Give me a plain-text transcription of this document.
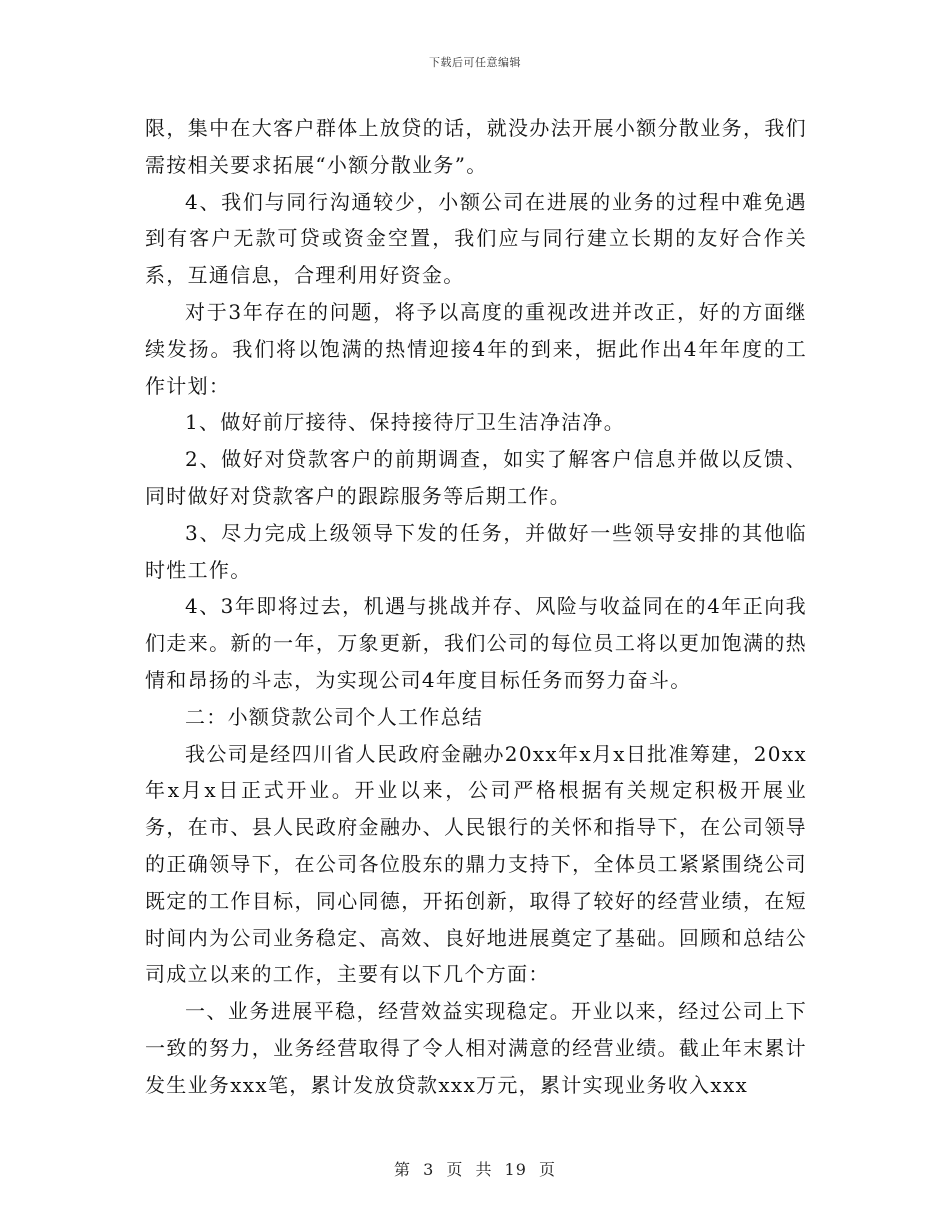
下载后可任意编辑

限，集中在大客户群体上放贷的话，就没办法开展小额分散业务，我们需按相关要求拓展“小额分散业务”。

4、我们与同行沟通较少，小额公司在进展的业务的过程中难免遇到有客户无款可贷或资金空置，我们应与同行建立长期的友好合作关系，互通信息，合理利用好资金。

对于3年存在的问题，将予以高度的重视改进并改正，好的方面继续发扬。我们将以饱满的热情迎接4年的到来，据此作出4年年度的工作计划：

1、做好前厅接待、保持接待厅卫生洁净洁净。

2、做好对贷款客户的前期调查，如实了解客户信息并做以反馈、同时做好对贷款客户的跟踪服务等后期工作。

3、尽力完成上级领导下发的任务，并做好一些领导安排的其他临时性工作。

4、3年即将过去，机遇与挑战并存、风险与收益同在的4年正向我们走来。新的一年，万象更新，我们公司的每位员工将以更加饱满的热情和昂扬的斗志，为实现公司4年度目标任务而努力奋斗。

二：小额贷款公司个人工作总结

我公司是经四川省人民政府金融办20xx年x月x日批准筹建，20xx年x月x日正式开业。开业以来，公司严格根据有关规定积极开展业务，在市、县人民政府金融办、人民银行的关怀和指导下，在公司领导的正确领导下，在公司各位股东的鼎力支持下，全体员工紧紧围绕公司既定的工作目标，同心同德，开拓创新，取得了较好的经营业绩，在短时间内为公司业务稳定、高效、良好地进展奠定了基础。回顾和总结公司成立以来的工作，主要有以下几个方面：

一、业务进展平稳，经营效益实现稳定。开业以来，经过公司上下一致的努力，业务经营取得了令人相对满意的经营业绩。截止年末累计发生业务xxx笔，累计发放贷款xxx万元，累计实现业务收入xxx

第 3 页 共 19 页
